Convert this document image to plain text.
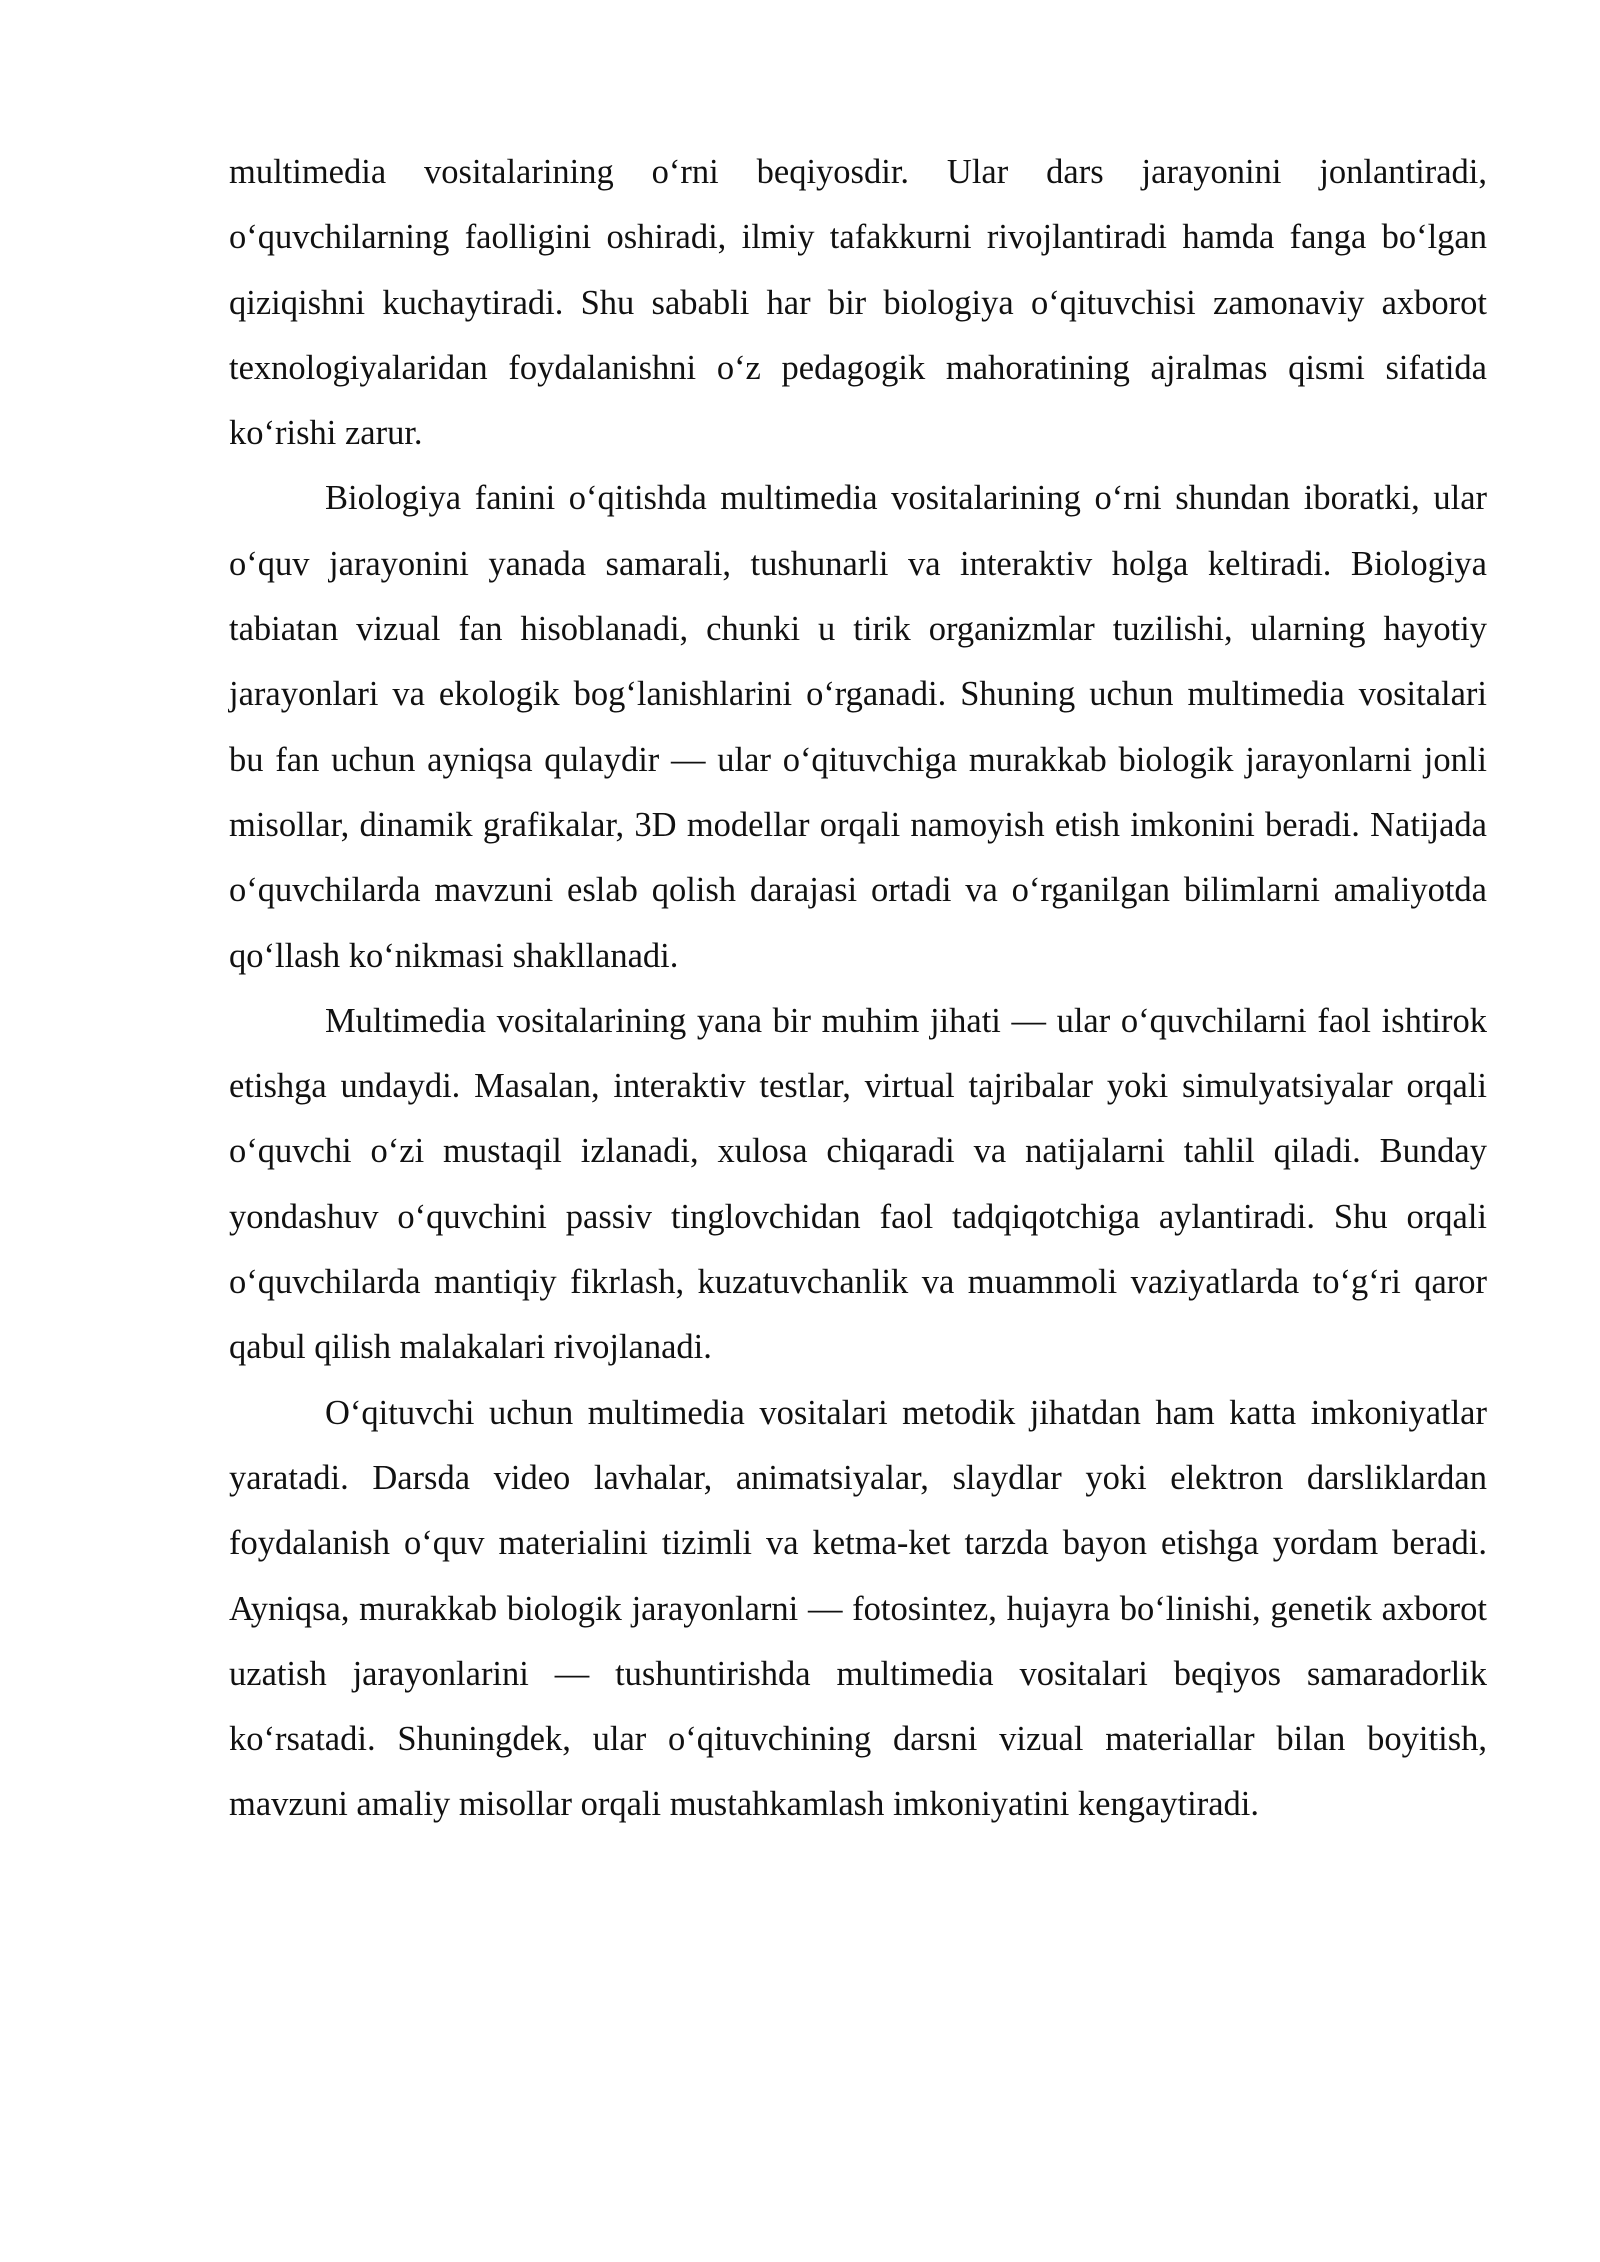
multimedia vositalarining o‘rni beqiyosdir. Ular dars jarayonini jonlantiradi, o‘quvchilarning faolligini oshiradi, ilmiy tafakkurni rivojlantiradi hamda fanga bo‘lgan qiziqishni kuchaytiradi. Shu sababli har bir biologiya o‘qituvchisi zamonaviy axborot texnologiyalaridan foydalanishni o‘z pedagogik mahoratining ajralmas qismi sifatida ko‘rishi zarur.

Biologiya fanini o‘qitishda multimedia vositalarining o‘rni shundan iboratki, ular o‘quv jarayonini yanada samarali, tushunarli va interaktiv holga keltiradi. Biologiya tabiatan vizual fan hisoblanadi, chunki u tirik organizmlar tuzilishi, ularning hayotiy jarayonlari va ekologik bog‘lanishlarini o‘rganadi. Shuning uchun multimedia vositalari bu fan uchun ayniqsa qulaydir — ular o‘qituvchiga murakkab biologik jarayonlarni jonli misollar, dinamik grafikalar, 3D modellar orqali namoyish etish imkonini beradi. Natijada o‘quvchilarda mavzuni eslab qolish darajasi ortadi va o‘rganilgan bilimlarni amaliyotda qo‘llash ko‘nikmasi shakllanadi.

Multimedia vositalarining yana bir muhim jihati — ular o‘quvchilarni faol ishtirok etishga undaydi. Masalan, interaktiv testlar, virtual tajribalar yoki simulyatsiyalar orqali o‘quvchi o‘zi mustaqil izlanadi, xulosa chiqaradi va natijalarni tahlil qiladi. Bunday yondashuv o‘quvchini passiv tinglovchidan faol tadqiqotchiga aylantiradi. Shu orqali o‘quvchilarda mantiqiy fikrlash, kuzatuvchanlik va muammoli vaziyatlarda to‘g‘ri qaror qabul qilish malakalari rivojlanadi.

O‘qituvchi uchun multimedia vositalari metodik jihatdan ham katta imkoniyatlar yaratadi. Darsda video lavhalar, animatsiyalar, slaydlar yoki elektron darsliklardan foydalanish o‘quv materialini tizimli va ketma-ket tarzda bayon etishga yordam beradi. Ayniqsa, murakkab biologik jarayonlarni — fotosintez, hujayra bo‘linishi, genetik axborot uzatish jarayonlarini — tushuntirishda multimedia vositalari beqiyos samaradorlik ko‘rsatadi. Shuningdek, ular o‘qituvchining darsni vizual materiallar bilan boyitish, mavzuni amaliy misollar orqali mustahkamlash imkoniyatini kengaytiradi.
